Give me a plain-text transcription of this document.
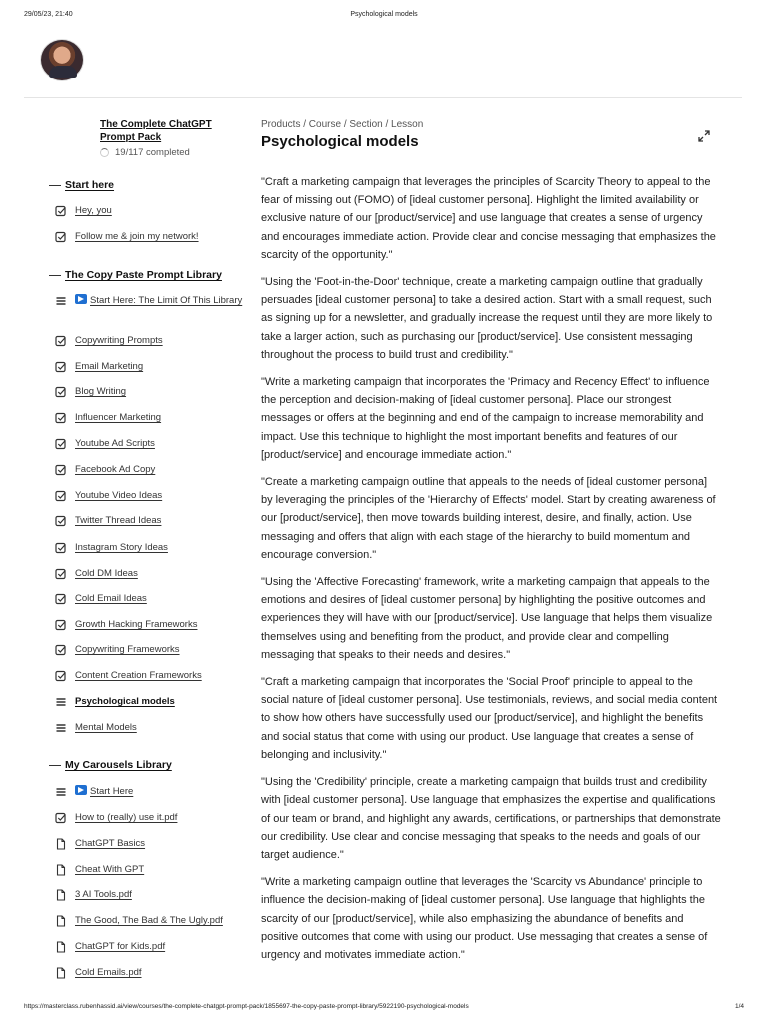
29/05/23, 21:40	Psychological models
The Complete ChatGPT Prompt Pack
19/117 completed
Start here
Hey, you
Follow me & join my network!
The Copy Paste Prompt Library
Start Here: The Limit Of This Library
Copywriting Prompts
Email Marketing
Blog Writing
Influencer Marketing
Youtube Ad Scripts
Facebook Ad Copy
Youtube Video Ideas
Twitter Thread Ideas
Instagram Story Ideas
Cold DM Ideas
Cold Email Ideas
Growth Hacking Frameworks
Copywriting Frameworks
Content Creation Frameworks
Psychological models
Mental Models
My Carousels Library
Start Here
How to (really) use it.pdf
ChatGPT Basics
Cheat With GPT
3 AI Tools.pdf
The Good, The Bad & The Ugly.pdf
ChatGPT for Kids.pdf
Cold Emails.pdf
Products / Course / Section / Lesson
Psychological models

"Craft a marketing campaign that leverages the principles of Scarcity Theory to appeal to the fear of missing out (FOMO) of [ideal customer persona]. Highlight the limited availability or exclusive nature of our [product/service] and use language that creates a sense of urgency and encourages immediate action. Provide clear and concise messaging that emphasizes the scarcity of the opportunity."

"Using the 'Foot-in-the-Door' technique, create a marketing campaign outline that gradually persuades [ideal customer persona] to take a desired action. Start with a small request, such as signing up for a newsletter, and gradually increase the request until they are more likely to take a larger action, such as purchasing our [product/service]. Use consistent messaging throughout the process to build trust and credibility."

"Write a marketing campaign that incorporates the 'Primacy and Recency Effect' to influence the perception and decision-making of [ideal customer persona]. Place our strongest messages or offers at the beginning and end of the campaign to increase memorability and impact. Use this technique to highlight the most important benefits and features of our [product/service] and encourage immediate action."

"Create a marketing campaign outline that appeals to the needs of [ideal customer persona] by leveraging the principles of the 'Hierarchy of Effects' model. Start by creating awareness of our [product/service], then move towards building interest, desire, and finally, action. Use messaging and offers that align with each stage of the hierarchy to build momentum and encourage conversion."

"Using the 'Affective Forecasting' framework, write a marketing campaign that appeals to the emotions and desires of [ideal customer persona] by highlighting the positive outcomes and experiences they will have with our [product/service]. Use language that helps them visualize themselves using and benefiting from the product, and provide clear and compelling messaging that speaks to their needs and desires."

"Craft a marketing campaign that incorporates the 'Social Proof' principle to appeal to the social nature of [ideal customer persona]. Use testimonials, reviews, and social media content to show how others have successfully used our [product/service], and highlight the benefits and social status that come with using our product. Use language that creates a sense of belonging and inclusivity."

"Using the 'Credibility' principle, create a marketing campaign that builds trust and credibility with [ideal customer persona]. Use language that emphasizes the expertise and qualifications of our team or brand, and highlight any awards, certifications, or partnerships that demonstrate our credibility. Use clear and concise messaging that speaks to the needs and goals of our target audience."

"Write a marketing campaign outline that leverages the 'Scarcity vs Abundance' principle to influence the decision-making of [ideal customer persona]. Use language that highlights the scarcity of our [product/service], while also emphasizing the abundance of benefits and positive outcomes that come with using our product. Use messaging that creates a sense of urgency and motivates immediate action."

https://masterclass.rubenhassid.ai/view/courses/the-complete-chatgpt-prompt-pack/1855697-the-copy-paste-prompt-library/5922190-psychological-models	1/4
